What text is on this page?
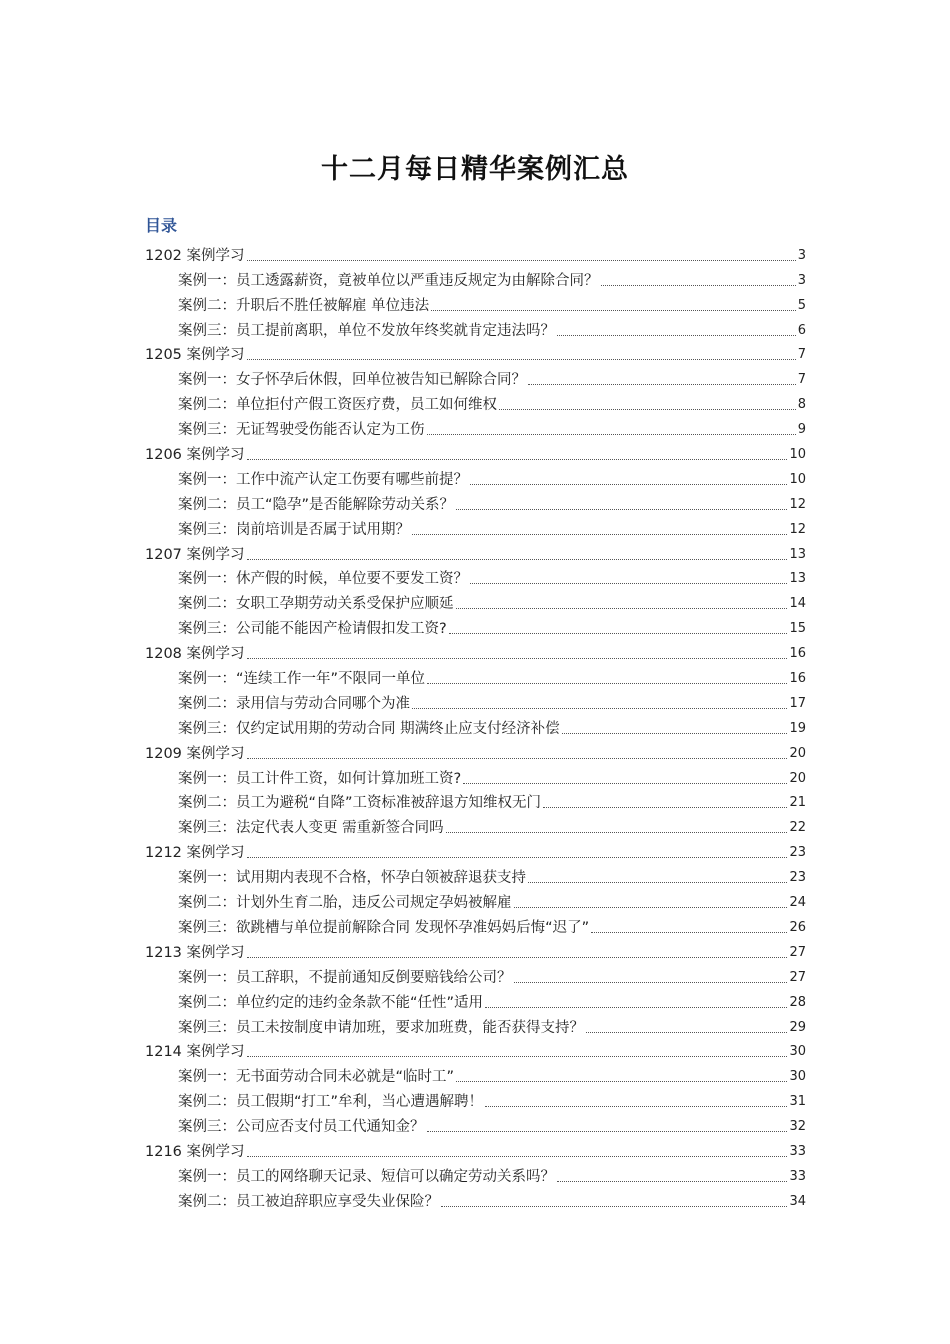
十二月每日精华案例汇总
目录
1202 案例学习	3
案例一：员工透露薪资，竟被单位以严重违反规定为由解除合同？	3
案例二：升职后不胜任被解雇 单位违法	5
案例三：员工提前离职，单位不发放年终奖就肯定违法吗？	6
1205 案例学习	7
案例一：女子怀孕后休假，回单位被告知已解除合同？	7
案例二：单位拒付产假工资医疗费，员工如何维权	8
案例三：无证驾驶受伤能否认定为工伤	9
1206 案例学习	10
案例一：工作中流产认定工伤要有哪些前提？	10
案例二：员工“隐孕”是否能解除劳动关系？	12
案例三：岗前培训是否属于试用期？	12
1207 案例学习	13
案例一：休产假的时候，单位要不要发工资？	13
案例二：女职工孕期劳动关系受保护应顺延	14
案例三：公司能不能因产检请假扣发工资?	15
1208 案例学习	16
案例一：“连续工作一年”不限同一单位	16
案例二：录用信与劳动合同哪个为准	17
案例三：仅约定试用期的劳动合同 期满终止应支付经济补偿	19
1209 案例学习	20
案例一：员工计件工资，如何计算加班工资?	20
案例二：员工为避税“自降”工资标准被辞退方知维权无门	21
案例三：法定代表人变更 需重新签合同吗	22
1212 案例学习	23
案例一：试用期内表现不合格，怀孕白领被辞退获支持	23
案例二：计划外生育二胎，违反公司规定孕妈被解雇	24
案例三：欲跳槽与单位提前解除合同 发现怀孕准妈妈后悔“迟了”	26
1213 案例学习	27
案例一：员工辞职，不提前通知反倒要赔钱给公司？	27
案例二：单位约定的违约金条款不能“任性”适用	28
案例三：员工未按制度申请加班，要求加班费，能否获得支持？	29
1214 案例学习	30
案例一：无书面劳动合同未必就是“临时工”	30
案例二：员工假期“打工”牟利，当心遭遇解聘！	31
案例三：公司应否支付员工代通知金？	32
1216 案例学习	33
案例一：员工的网络聊天记录、短信可以确定劳动关系吗？	33
案例二：员工被迫辞职应享受失业保险？	34
